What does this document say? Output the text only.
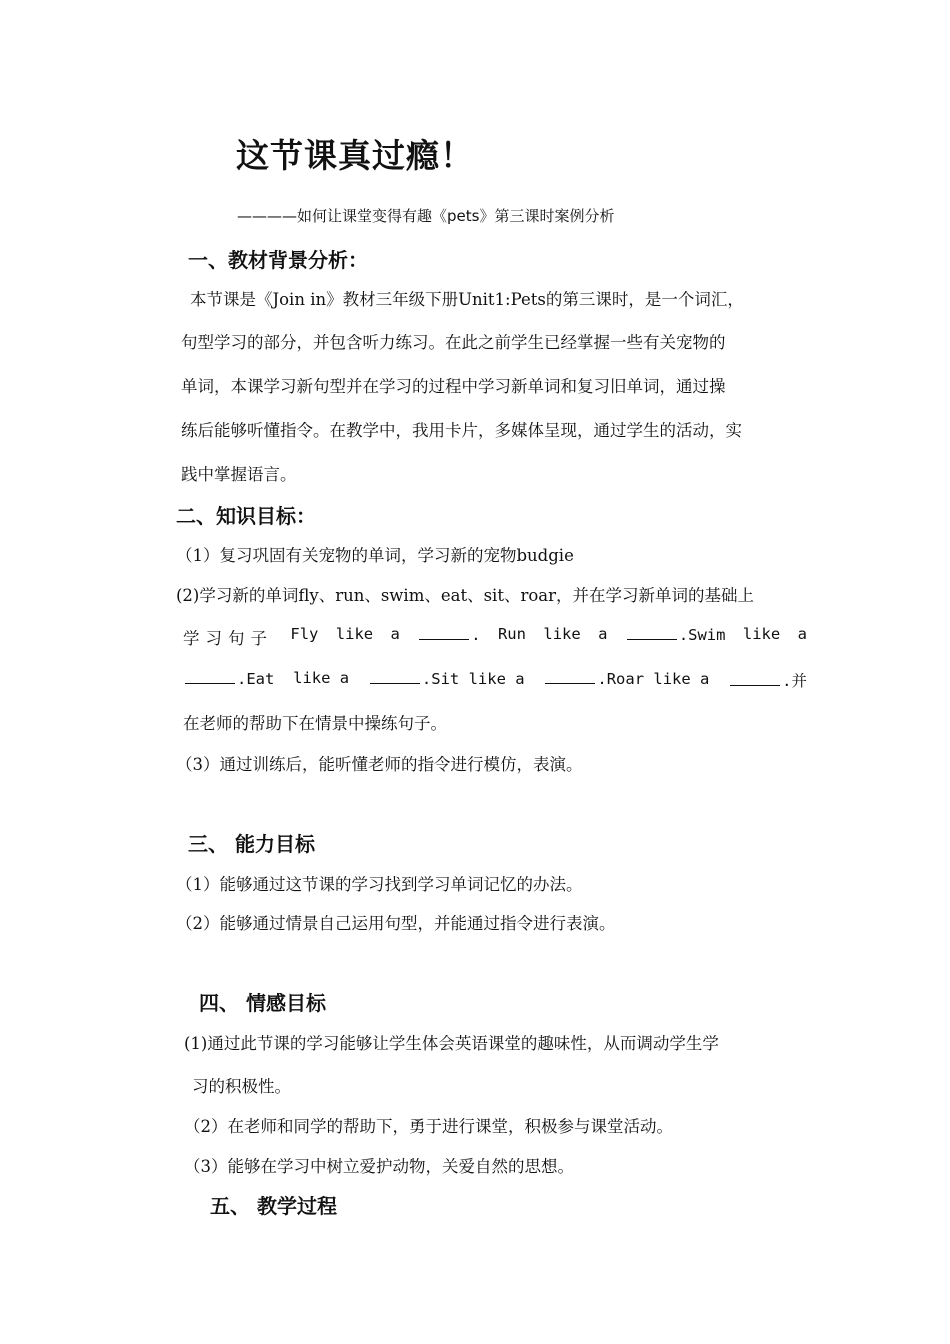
这节课真过瘾！
————如何让课堂变得有趣《pets》第三课时案例分析
一、教材背景分析：
本节课是《Join in》教材三年级下册Unit1:Pets的第三课时，是一个词汇，
句型学习的部分，并包含听力练习。在此之前学生已经掌握一些有关宠物的
单词，本课学习新句型并在学习的过程中学习新单词和复习旧单词，通过操
练后能够听懂指令。在教学中，我用卡片，多媒体呈现，通过学生的活动，实
践中掌握语言。
二、知识目标：
（1）复习巩固有关宠物的单词，学习新的宠物budgie
(2)学习新的单词fly、run、swim、eat、sit、roar，并在学习新单词的基础上
学习句子 Fly like a	. Run like a	.Swim like a
.Eat like a	.Sit like a	.Roar like a	.并
在老师的帮助下在情景中操练句子。
（3）通过训练后，能听懂老师的指令进行模仿，表演。
三、 能力目标
（1）能够通过这节课的学习找到学习单词记忆的办法。
（2）能够通过情景自己运用句型，并能通过指令进行表演。
四、 情感目标
(1)通过此节课的学习能够让学生体会英语课堂的趣味性，从而调动学生学
习的积极性。
（2）在老师和同学的帮助下，勇于进行课堂，积极参与课堂活动。
（3）能够在学习中树立爱护动物，关爱自然的思想。
五、 教学过程
